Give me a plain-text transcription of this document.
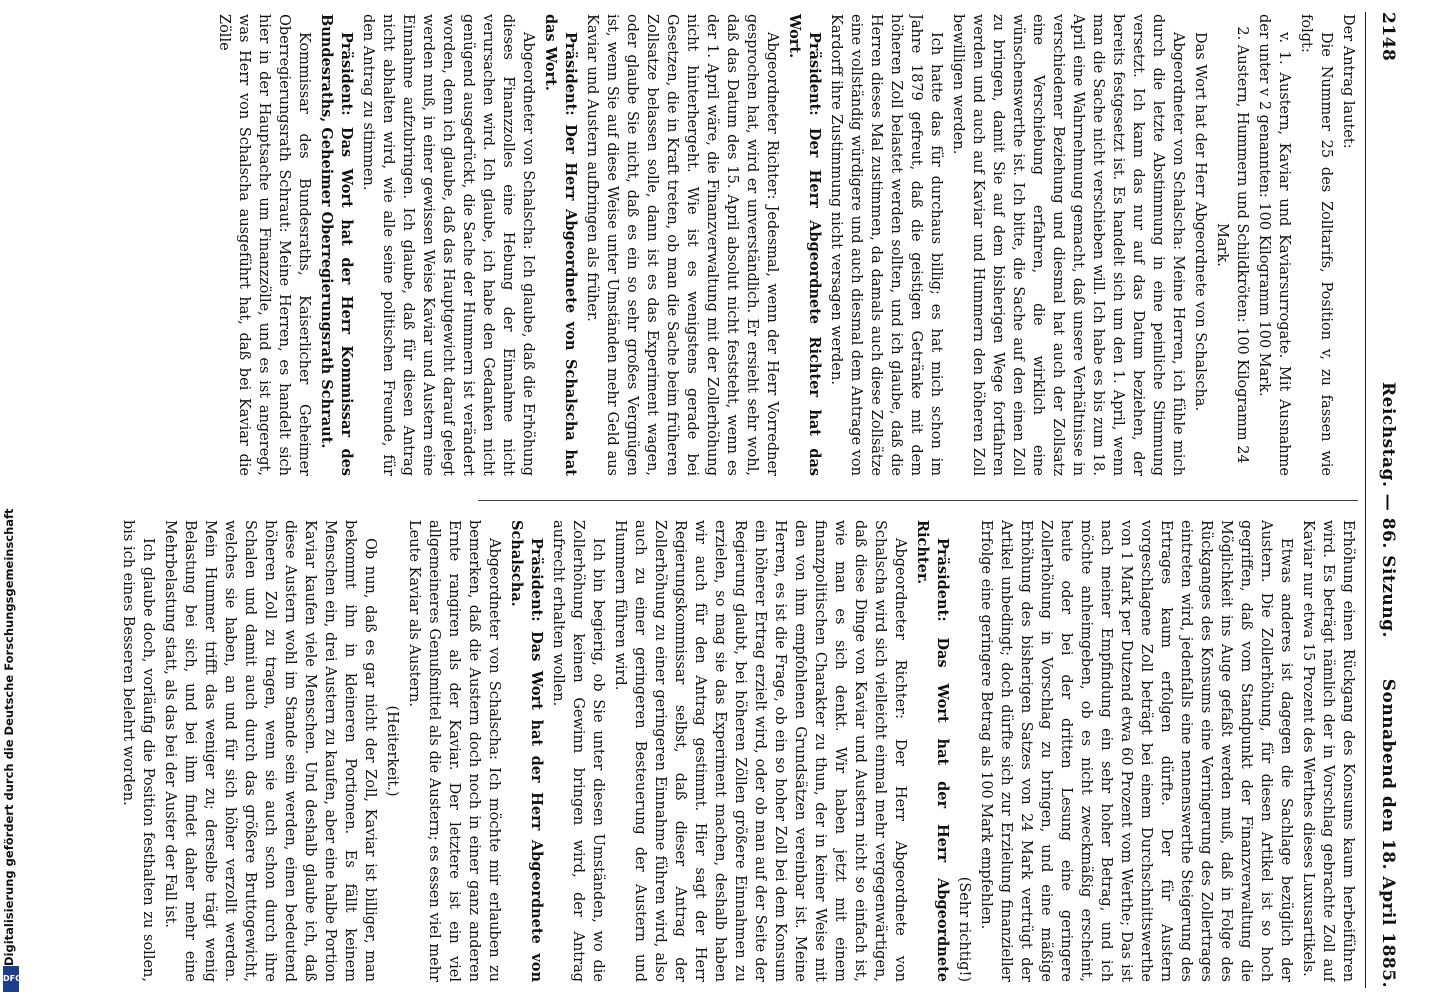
2148
Reichstag. — 86. Sitzung.
Sonnabend den 18. April 1885.

Der Antrag lautet:

Die Nummer 25 des Zolltarifs, Position v, zu fassen wie folgt:

v. 1. Austern, Kaviar und Kaviarsurrogate. Mit Ausnahme der unter v 2 genannten: 100 Kilogramm 100 Mark.

2. Austern, Hummern und Schildkröten: 100 Kilogramm 24 Mark.

Das Wort hat der Herr Abgeordnete von Schalscha.

Abgeordneter von Schalscha: Meine Herren, ich fühle mich durch die letzte Abstimmung in eine peinliche Stimmung versetzt. Ich kann das nur auf das Datum beziehen, der bereits festgesetzt ist. Es handelt sich um den 1. April, wenn man die Sache nicht verschieben will. Ich habe es bis zum 18. April eine Wahrnehmung gemacht, daß unsere Verhältnisse in verschiedener Beziehung und diesmal hat auch der Zollsatz eine Verschiebung erfahren, die wirklich eine wünschenswerthe ist. Ich bitte, die Sache auf den einen Zoll zu bringen, damit Sie auf dem bisherigen Wege fortfahren werden und auch auf Kaviar und Hummern den höheren Zoll bewilligen werden.

Ich hatte das für durchaus billig; es hat mich schon im Jahre 1879 gefreut, daß die geistigen Getränke mit dem höheren Zoll belastet werden sollten, und ich glaube, daß die Herren dieses Mal zustimmen, da damals auch diese Zollsätze eine vollständig würdigere und auch diesmal dem Antrage von Kardorff ihre Zustimmung nicht versagen werden.

Präsident: Der Herr Abgeordnete Richter hat das Wort.

Abgeordneter Richter: Jedesmal, wenn der Herr Vorredner gesprochen hat, wird er unverständlich. Er ersieht sehr wohl, daß das Datum des 15. April absolut nicht feststeht, wenn es der 1. April wäre, die Finanzverwaltung mit der Zollerhöhung nicht hinterhergeht. Wie ist es wenigstens gerade bei Gesetzen, die in Kraft treten, ob man die Sache beim früheren Zollsatze belassen solle, dann ist es das Experiment wagen, oder glaube Sie nicht, daß es ein so sehr großes Vergnügen ist, wenn Sie auf diese Weise unter Umständen mehr Geld aus Kaviar und Austern aufbringen als früher.

Präsident: Der Herr Abgeordnete von Schalscha hat das Wort.

Abgeordneter von Schalscha: Ich glaube, daß die Erhöhung dieses Finanzzolles eine Hebung der Einnahme nicht verursachen wird. Ich glaube, ich habe den Gedanken nicht genügend ausgedrückt, die Sache der Hummern ist verändert worden, denn ich glaube, daß das Hauptgewicht darauf gelegt werden muß, in einer gewissen Weise Kaviar und Austern eine Einnahme aufzubringen. Ich glaube, daß für diesen Antrag nicht abhalten wird, wie alle seine politischen Freunde, für den Antrag zu stimmen.

Präsident: Das Wort hat der Herr Kommissar des Bundesraths, Geheimer Oberregierungsrath Schraut.

Kommissar des Bundesraths, Kaiserlicher Geheimer Oberregierungsrath Schraut: Meine Herren, es handelt sich hier in der Hauptsache um Finanzzölle, und es ist angeregt, was Herr von Schalscha ausgeführt hat, daß bei Kaviar die Zölle

Erhöhung einen Rückgang des Konsums kaum herbeiführen wird. Es beträgt nämlich der in Vorschlag gebrachte Zoll auf Kaviar nur etwa 15 Prozent des Werthes dieses Luxusartikels.

Etwas anderes ist dagegen die Sachlage bezüglich der Austern. Die Zollerhöhung, für diesen Artikel ist so hoch gegriffen, daß vom Standpunkt der Finanzverwaltung die Möglichkeit ins Auge gefaßt werden muß, daß in Folge des Rückganges des Konsums eine Verringerung des Zollertrages eintreten wird, jedenfalls eine nennenswerthe Steigerung des Ertrages kaum erfolgen dürfte. Der für Austern vorgeschlagene Zoll beträgt bei einem Durchschnittswerthe von 1 Mark per Dutzend etwa 60 Prozent vom Werthe; Das ist nach meiner Empfindung ein sehr hoher Betrag, und ich möchte anheimgeben, ob es nicht zweckmäßig erscheint, heute oder bei der dritten Lesung eine geringere Zollerhöhung in Vorschlag zu bringen, und eine mäßige Erhöhung des bisherigen Satzes von 24 Mark vertrügt der Artikel unbedingt; doch dürfte sich zur Erzielung finanzieller Erfolge eine geringere Betrag als 100 Mark empfehlen.

(Sehr richtig!)

Präsident: Das Wort hat der Herr Abgeordnete Richter.

Abgeordneter Richter: Der Herr Abgeordnete von Schalscha wird sich vielleicht einmal mehr vergegenwärtigen, daß diese Dinge von Kaviar und Austern nicht so einfach ist, wie man es sich denkt. Wir haben jetzt mit einem finanzpolitischen Charakter zu thun, der in keiner Weise mit den von ihm empfohlenen Grundsätzen vereinbar ist. Meine Herren, es ist die Frage, ob ein so hoher Zoll bei dem Konsum ein höherer Ertrag erzielt wird, oder ob man auf der Seite der Regierung glaubt, bei höheren Zöllen größere Einnahmen zu erzielen, so mag sie das Experiment machen, deshalb haben wir auch für den Antrag gestimmt. Hier sagt der Herr Regierungskommissar selbst, daß dieser Antrag der Zollerhöhung zu einer geringeren Einnahme führen wird, also auch zu einer geringeren Besteuerung der Austern und Hummern führen wird.

Ich bin begierig, ob Sie unter diesen Umständen, wo die Zollerhöhung keinen Gewinn bringen wird, der Antrag aufrecht erhalten wollen.

Präsident: Das Wort hat der Herr Abgeordnete von Schalscha.

Abgeordneter von Schalscha: Ich möchte mir erlauben zu bemerken, daß die Austern doch noch in einer ganz anderen Ernte rangiren als der Kaviar. Der letztere ist ein viel allgemeineres Genußmittel als die Austern; es essen viel mehr Leute Kaviar als Austern.

(Heiterkeit.)

Ob nun, daß es gar nicht der Zoll, Kaviar ist billiger, man bekommt ihn in kleineren Portionen. Es fällt keinem Menschen ein, drei Austern zu kaufen, aber eine halbe Portion Kaviar kaufen viele Menschen. Und deshalb glaube ich, daß diese Austern wohl im Stande sein werden, einen bedeutend höheren Zoll zu tragen, wenn sie auch schon durch ihre Schalen und damit auch durch das größere Bruttogewicht, welches sie haben, an und für sich höher verzollt werden. Mein Hummer trifft das weniger zu; derselbe trägt wenig Belastung bei sich, und bei ihm findet daher mehr eine Mehrbelastung statt, als das bei der Auster der Fall ist.

Ich glaube doch, vorläufig die Position festhalten zu sollen, bis ich eines Besseren belehrt worden.

Digitalisierung gefördert durch die Deutsche Forschungsgemeinschaft
DFG
